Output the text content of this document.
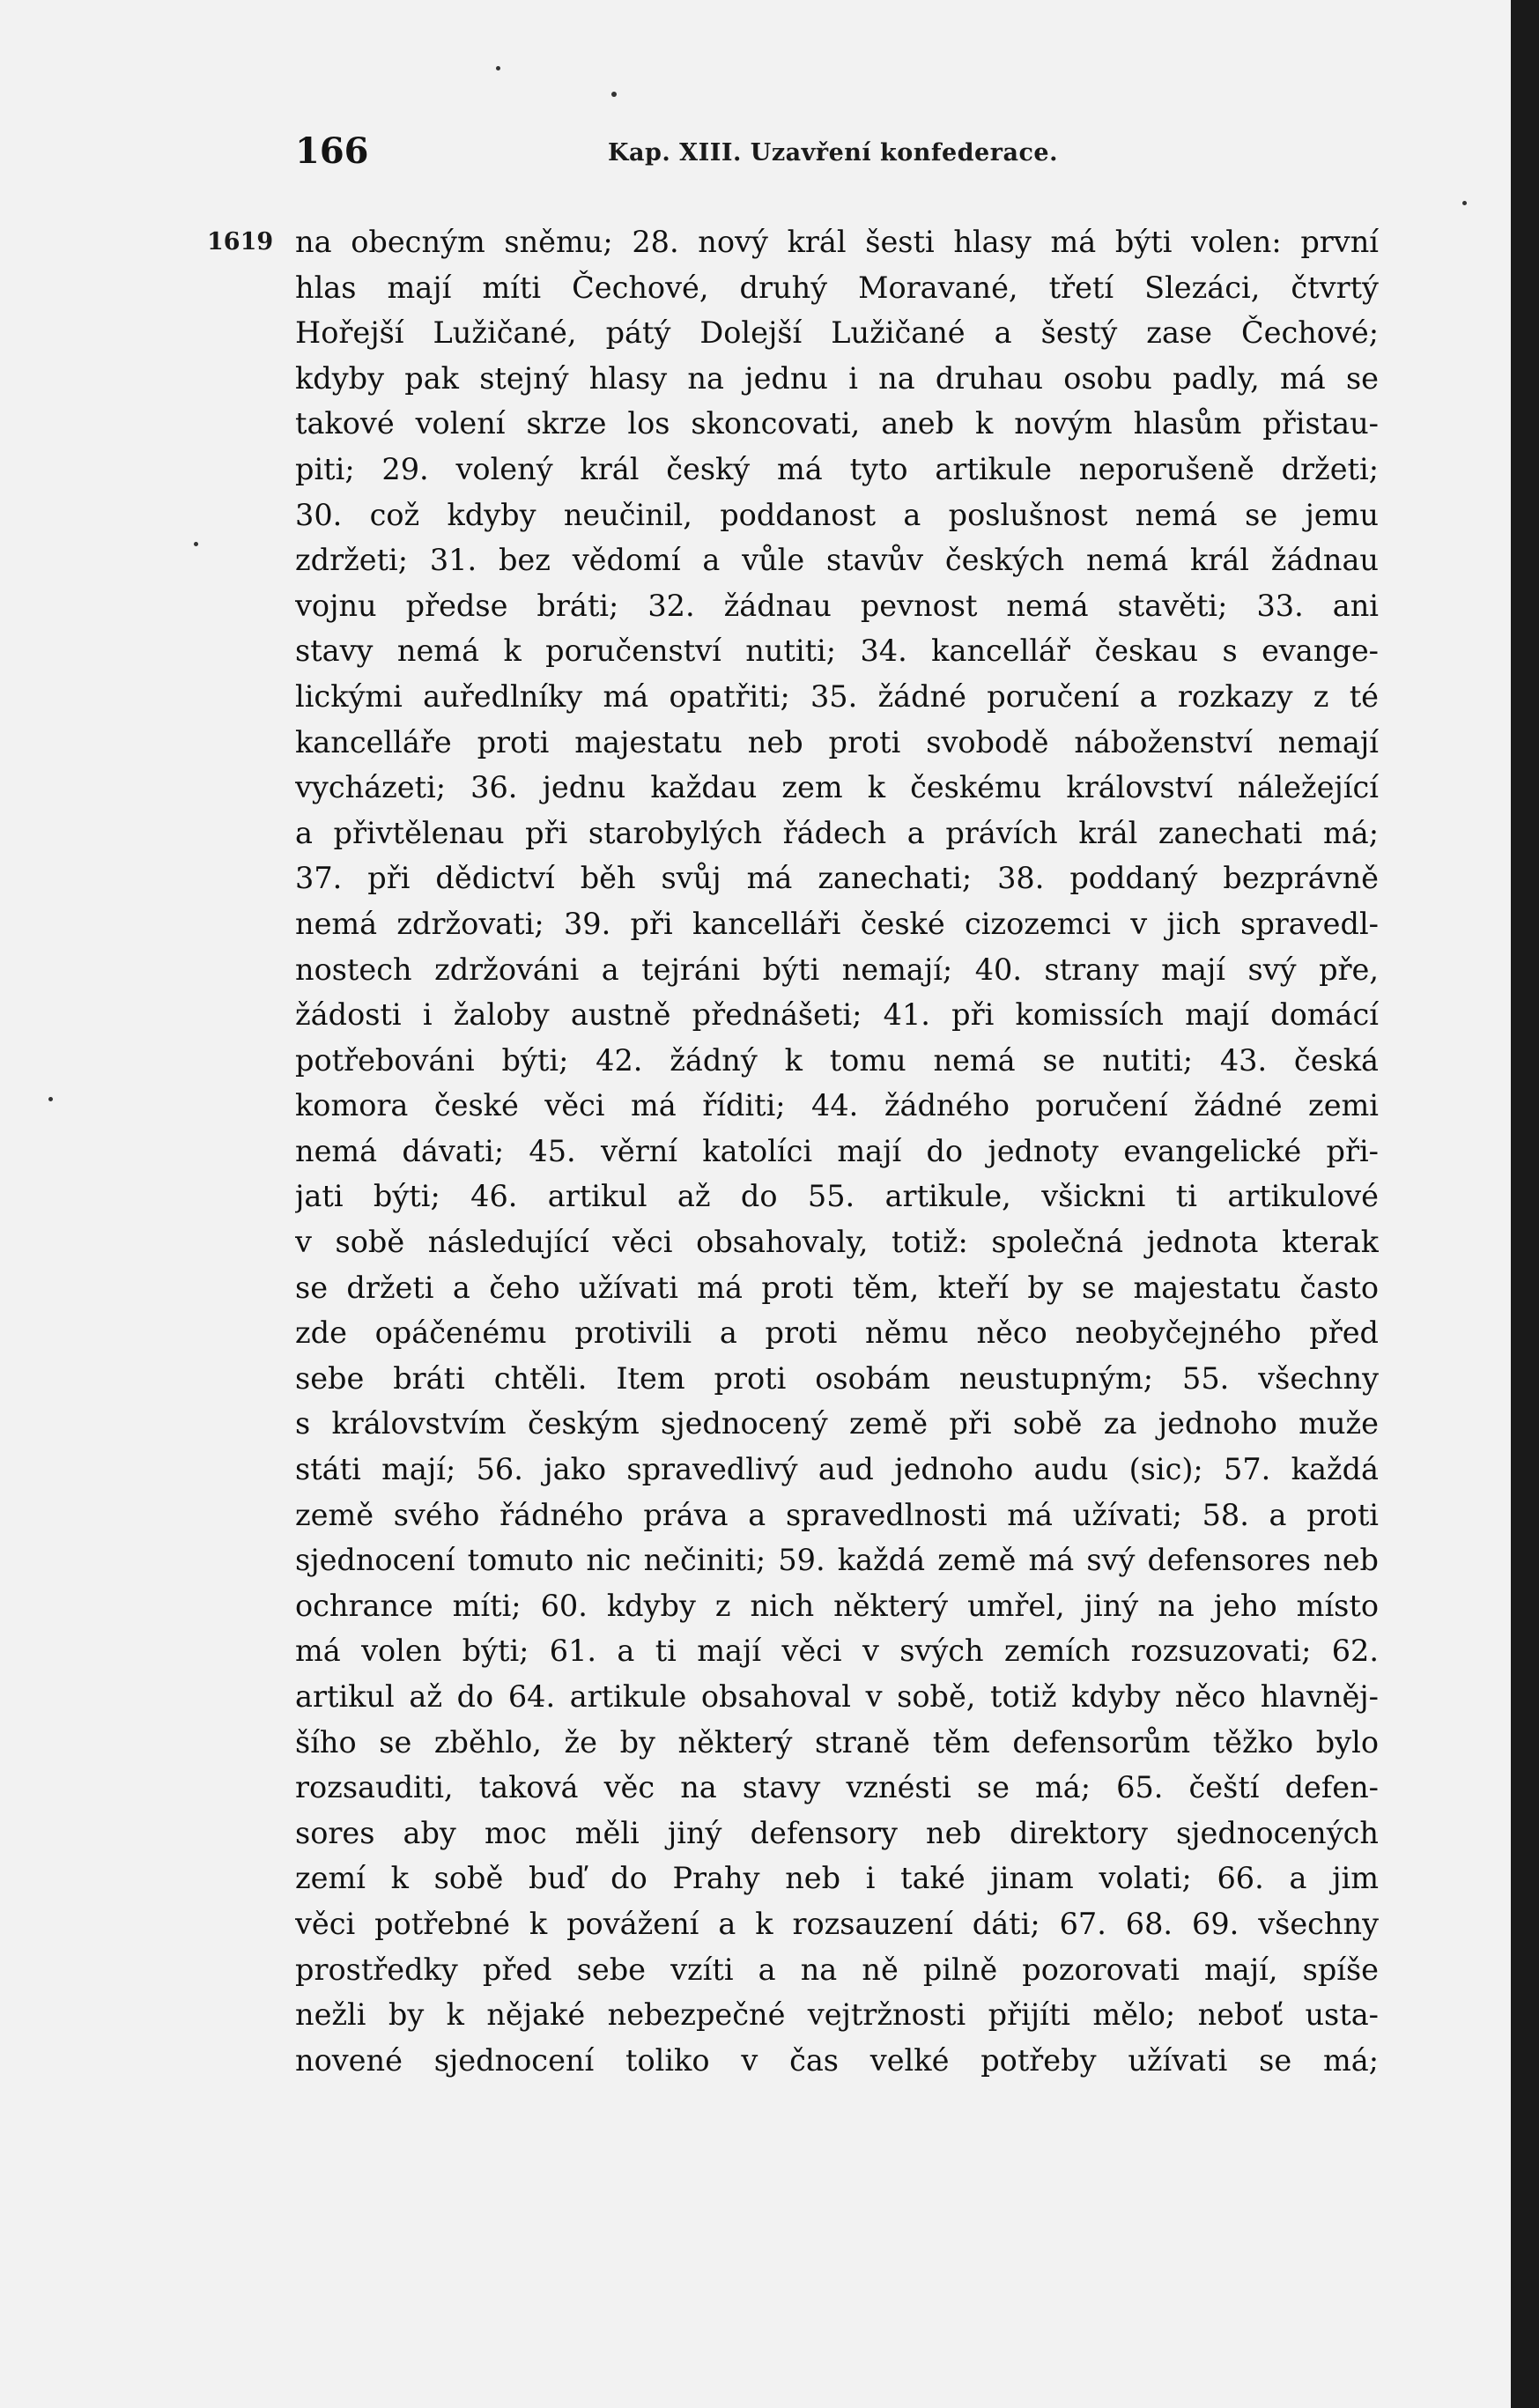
166	Kap. XIII. Uzavření konfederace.
1619 na obecným sněmu; 28. nový král šesti hlasy má býti volen: první
hlas mají míti Čechové, druhý Moravané, třetí Slezáci, čtvrtý
Hořejší Lužičané, pátý Dolejší Lužičané a šestý zase Čechové;
kdyby pak stejný hlasy na jednu i na druhau osobu padly, má se
takové volení skrze los skoncovati, aneb k novým hlasům přistau-
piti; 29. volený král český má tyto artikule neporušeně držeti;
30. což kdyby neučinil, poddanost a poslušnost nemá se jemu
zdržeti; 31. bez vědomí a vůle stavův českých nemá král žádnau
vojnu předse bráti; 32. žádnau pevnost nemá stavěti; 33. ani
stavy nemá k poručenství nutiti; 34. kancellář českau s evange-
lickými auředlníky má opatřiti; 35. žádné poručení a rozkazy z té
kancelláře proti majestatu neb proti svobodě náboženství nemají
vycházeti; 36. jednu každau zem k českému království náležející
a přivtělenau při starobylých řádech a právích král zanechati má;
37. při dědictví běh svůj má zanechati; 38. poddaný bezprávně
nemá zdržovati; 39. při kancelláři české cizozemci v jich spravedl-
nostech zdržováni a tejráni býti nemají; 40. strany mají svý pře,
žádosti i žaloby austně přednášeti; 41. při komissích mají domácí
potřebováni býti; 42. žádný k tomu nemá se nutiti; 43. česká
komora české věci má říditi; 44. žádného poručení žádné zemi
nemá dávati; 45. věrní katolíci mají do jednoty evangelické při-
jati býti; 46. artikul až do 55. artikule, všickni ti artikulové
v sobě následující věci obsahovaly, totiž: společná jednota kterak
se držeti a čeho užívati má proti těm, kteří by se majestatu často
zde opáčenému protivili a proti němu něco neobyčejného před
sebe bráti chtěli. Item proti osobám neustupným; 55. všechny
s královstvím českým sjednocený země při sobě za jednoho muže
státi mají; 56. jako spravedlivý aud jednoho audu (sic); 57. každá
země svého řádného práva a spravedlnosti má užívati; 58. a proti
sjednocení tomuto nic nečiniti; 59. každá země má svý defensores neb
ochrance míti; 60. kdyby z nich některý umřel, jiný na jeho místo
má volen býti; 61. a ti mají věci v svých zemích rozsuzovati; 62.
artikul až do 64. artikule obsahoval v sobě, totiž kdyby něco hlavněj-
šího se zběhlo, že by některý straně těm defensorům těžko bylo
rozsauditi, taková věc na stavy vznésti se má; 65. čeští defen-
sores aby moc měli jiný defensory neb direktory sjednocených
zemí k sobě buď do Prahy neb i také jinam volati; 66. a jim
věci potřebné k povážení a k rozsauzení dáti; 67. 68. 69. všechny
prostředky před sebe vzíti a na ně pilně pozorovati mají, spíše
nežli by k nějaké nebezpečné vejtržnosti přijíti mělo; neboť usta-
novené sjednocení toliko v čas velké potřeby užívati se má;
